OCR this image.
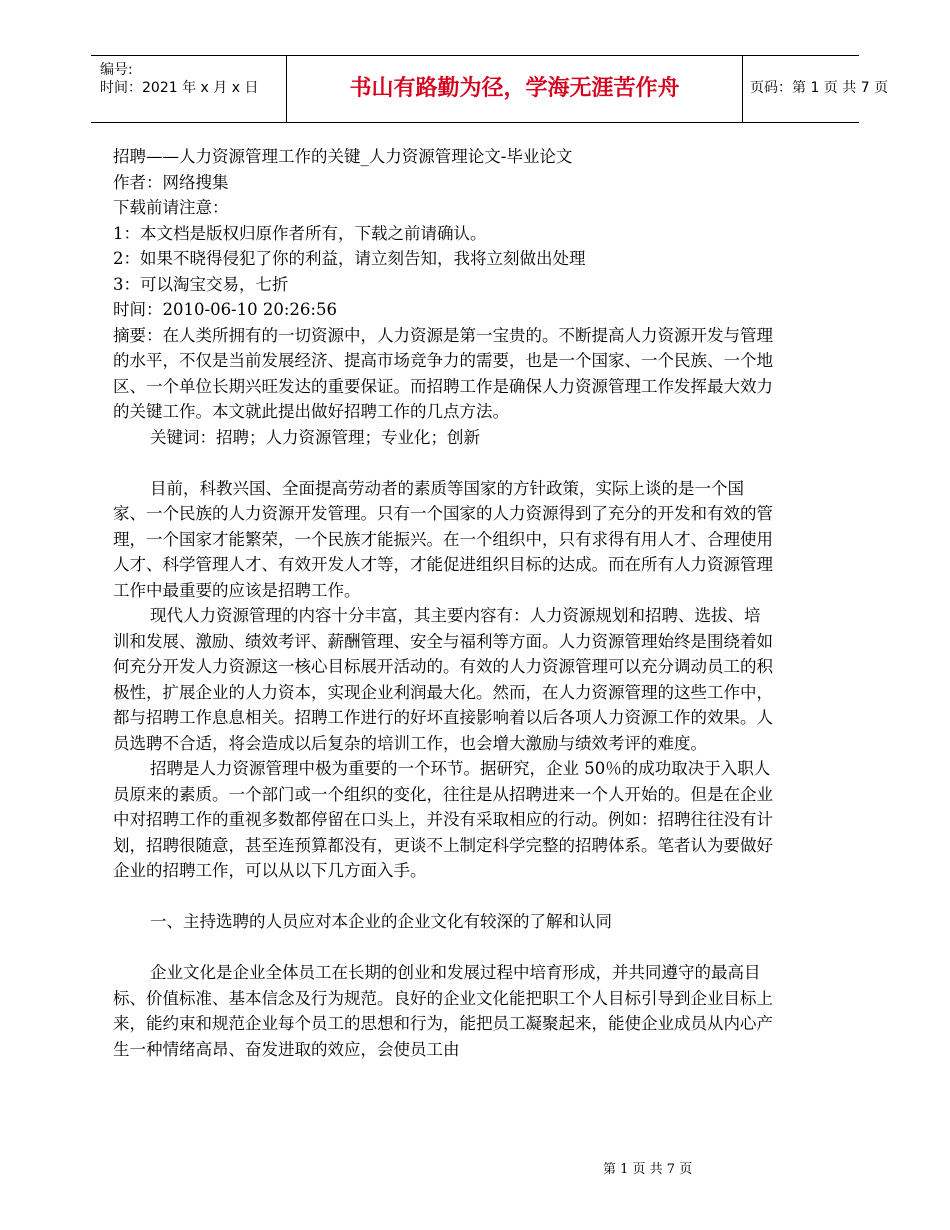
编号:
时间：2021 年 x 月 x 日	书山有路勤为径，学海无涯苦作舟	页码：第 1 页 共 7 页

招聘——人力资源管理工作的关键_人力资源管理论文-毕业论文

作者：网络搜集

下载前请注意：

1：本文档是版权归原作者所有，下载之前请确认。

2：如果不晓得侵犯了你的利益，请立刻告知，我将立刻做出处理

3：可以淘宝交易，七折

时间：2010-06-10 20:26:56

摘要：在人类所拥有的一切资源中，人力资源是第一宝贵的。不断提高人力资源开发与管理的水平，不仅是当前发展经济、提高市场竞争力的需要，也是一个国家、一个民族、一个地区、一个单位长期兴旺发达的重要保证。而招聘工作是确保人力资源管理工作发挥最大效力的关键工作。本文就此提出做好招聘工作的几点方法。

关键词：招聘；人力资源管理；专业化；创新

目前，科教兴国、全面提高劳动者的素质等国家的方针政策，实际上谈的是一个国家、一个民族的人力资源开发管理。只有一个国家的人力资源得到了充分的开发和有效的管理，一个国家才能繁荣，一个民族才能振兴。在一个组织中，只有求得有用人才、合理使用人才、科学管理人才、有效开发人才等，才能促进组织目标的达成。而在所有人力资源管理工作中最重要的应该是招聘工作。

现代人力资源管理的内容十分丰富，其主要内容有：人力资源规划和招聘、选拔、培训和发展、激励、绩效考评、薪酬管理、安全与福利等方面。人力资源管理始终是围绕着如何充分开发人力资源这一核心目标展开活动的。有效的人力资源管理可以充分调动员工的积极性，扩展企业的人力资本，实现企业利润最大化。然而，在人力资源管理的这些工作中，都与招聘工作息息相关。招聘工作进行的好坏直接影响着以后各项人力资源工作的效果。人员选聘不合适，将会造成以后复杂的培训工作，也会增大激励与绩效考评的难度。

招聘是人力资源管理中极为重要的一个环节。据研究，企业 50％的成功取决于入职人员原来的素质。一个部门或一个组织的变化，往往是从招聘进来一个人开始的。但是在企业中对招聘工作的重视多数都停留在口头上，并没有采取相应的行动。例如：招聘往往没有计划，招聘很随意，甚至连预算都没有，更谈不上制定科学完整的招聘体系。笔者认为要做好企业的招聘工作，可以从以下几方面入手。

一、主持选聘的人员应对本企业的企业文化有较深的了解和认同

企业文化是企业全体员工在长期的创业和发展过程中培育形成，并共同遵守的最高目标、价值标准、基本信念及行为规范。良好的企业文化能把职工个人目标引导到企业目标上来，能约束和规范企业每个员工的思想和行为，能把员工凝聚起来，能使企业成员从内心产生一种情绪高昂、奋发进取的效应，会使员工由

第 1 页 共 7 页
